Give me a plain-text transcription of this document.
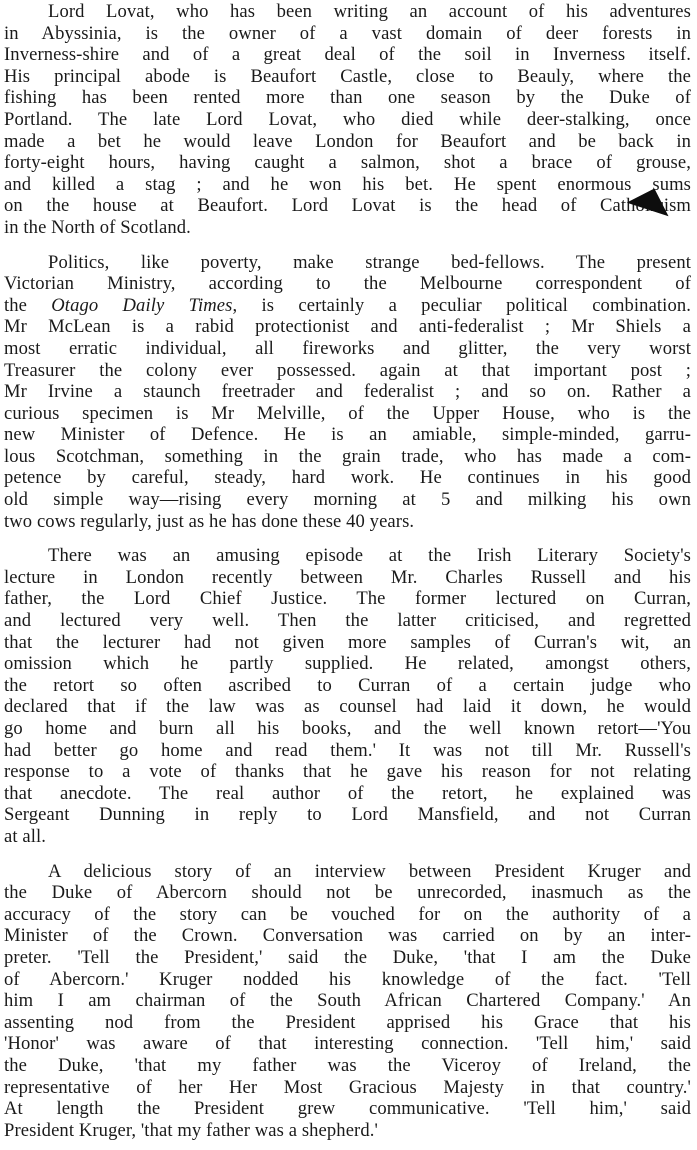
Lord Lovat, who has been writing an account of his adventures
in Abyssinia, is the owner of a vast domain of deer forests in
Inverness-shire and of a great deal of the soil in Inverness itself.
His principal abode is Beaufort Castle, close to Beauly, where the
fishing has been rented more than one season by the Duke of
Portland. The late Lord Lovat, who died while deer-stalking, once
made a bet he would leave London for Beaufort and be back in
forty-eight hours, having caught a salmon, shot a brace of grouse,
and killed a stag ; and he won his bet. He spent enormous sums
on the house at Beaufort. Lord Lovat is the head of Catholicism
in the North of Scotland.

Politics, like poverty, make strange bed-fellows. The present
Victorian Ministry, according to the Melbourne correspondent of
the Otago Daily Times, is certainly a peculiar political combination.
Mr McLean is a rabid protectionist and anti-federalist ; Mr Shiels a
most erratic individual, all fireworks and glitter, the very worst
Treasurer the colony ever possessed. again at that important post ;
Mr Irvine a staunch freetrader and federalist ; and so on. Rather a
curious specimen is Mr Melville, of the Upper House, who is the
new Minister of Defence. He is an amiable, simple-minded, garru-
lous Scotchman, something in the grain trade, who has made a com-
petence by careful, steady, hard work. He continues in his good
old simple way—rising every morning at 5 and milking his own
two cows regularly, just as he has done these 40 years.

There was an amusing episode at the Irish Literary Society's
lecture in London recently between Mr. Charles Russell and his
father, the Lord Chief Justice. The former lectured on Curran,
and lectured very well. Then the latter criticised, and regretted
that the lecturer had not given more samples of Curran's wit, an
omission which he partly supplied. He related, amongst others,
the retort so often ascribed to Curran of a certain judge who
declared that if the law was as counsel had laid it down, he would
go home and burn all his books, and the well known retort—'You
had better go home and read them.' It was not till Mr. Russell's
response to a vote of thanks that he gave his reason for not relating
that anecdote. The real author of the retort, he explained was
Sergeant Dunning in reply to Lord Mansfield, and not Curran
at all.

A delicious story of an interview between President Kruger and
the Duke of Abercorn should not be unrecorded, inasmuch as the
accuracy of the story can be vouched for on the authority of a
Minister of the Crown. Conversation was carried on by an inter-
preter. 'Tell the President,' said the Duke, 'that I am the Duke
of Abercorn.' Kruger nodded his knowledge of the fact. 'Tell
him I am chairman of the South African Chartered Company.' An
assenting nod from the President apprised his Grace that his
'Honor' was aware of that interesting connection. 'Tell him,' said
the Duke, 'that my father was the Viceroy of Ireland, the
representative of her Her Most Gracious Majesty in that country.'
At length the President grew communicative. 'Tell him,' said
President Kruger, 'that my father was a shepherd.'
